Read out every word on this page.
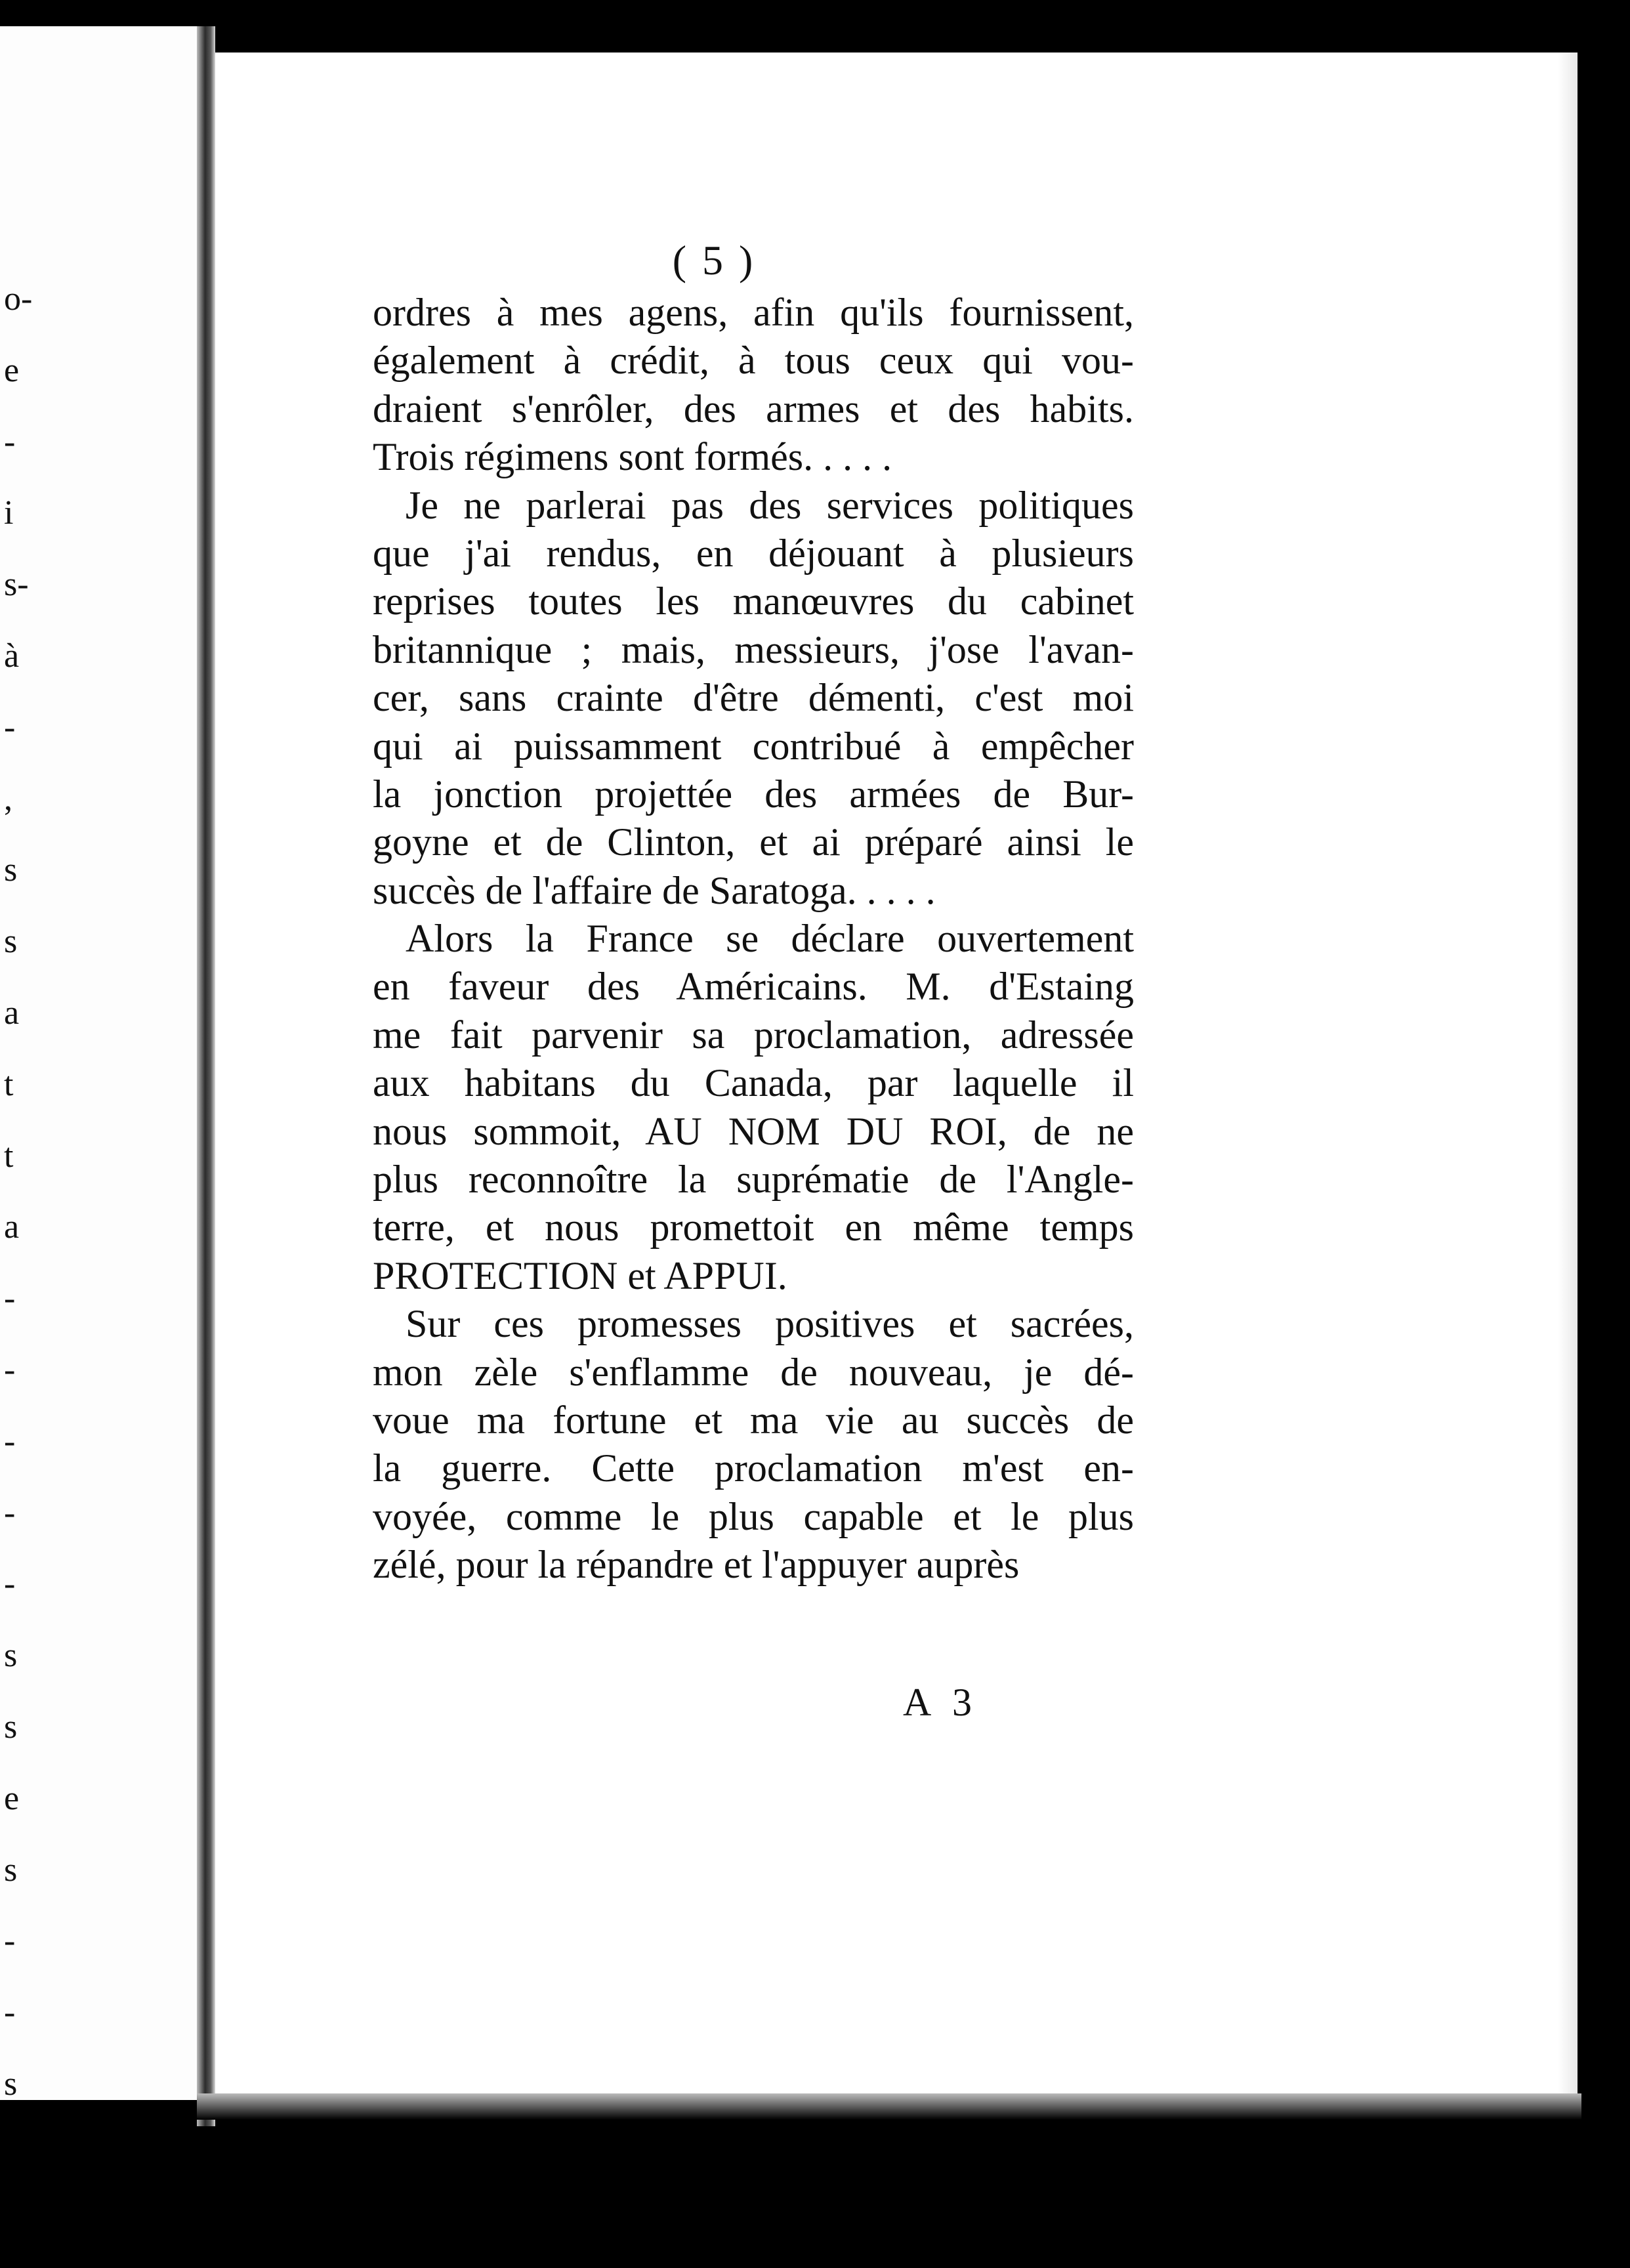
o-
e
-
i
s-
à
-
,
s
s
a
t
t
a
-
-
-
-
-
s
s
e
s
-
-
s
( 5 )
ordres à mes agens, afin qu'ils fournissent,
également à crédit, à tous ceux qui vou-
draient s'enrôler, des armes et des habits.
Trois régimens sont formés. . . . .
Je ne parlerai pas des services politiques
que j'ai rendus, en déjouant à plusieurs
reprises toutes les manœuvres du cabinet
britannique ; mais, messieurs, j'ose l'avan-
cer, sans crainte d'être démenti, c'est moi
qui ai puissamment contribué à empêcher
la jonction projettée des armées de Bur-
goyne et de Clinton, et ai préparé ainsi le
succès de l'affaire de Saratoga. . . . .
Alors la France se déclare ouvertement
en faveur des Américains. M. d'Estaing
me fait parvenir sa proclamation, adressée
aux habitans du Canada, par laquelle il
nous sommoit, AU NOM DU ROI, de ne
plus reconnoître la suprématie de l'Angle-
terre, et nous promettoit en même temps
PROTECTION et APPUI.
Sur ces promesses positives et sacrées,
mon zèle s'enflamme de nouveau, je dé-
voue ma fortune et ma vie au succès de
la guerre. Cette proclamation m'est en-
voyée, comme le plus capable et le plus
zélé, pour la répandre et l'appuyer auprès
A 3
